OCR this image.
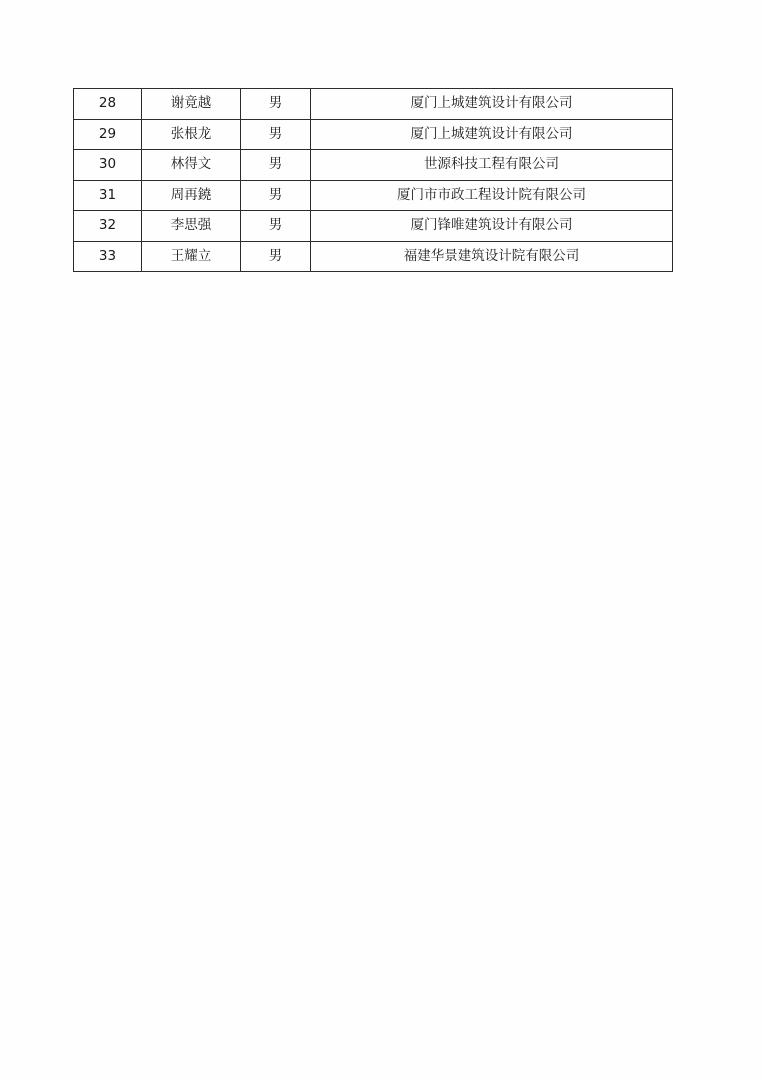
28	谢竟越	男	厦门上城建筑设计有限公司
29	张根龙	男	厦门上城建筑设计有限公司
30	林得文	男	世源科技工程有限公司
31	周再鐃	男	厦门市市政工程设计院有限公司
32	李思强	男	厦门锋唯建筑设计有限公司
33	王耀立	男	福建华景建筑设计院有限公司
